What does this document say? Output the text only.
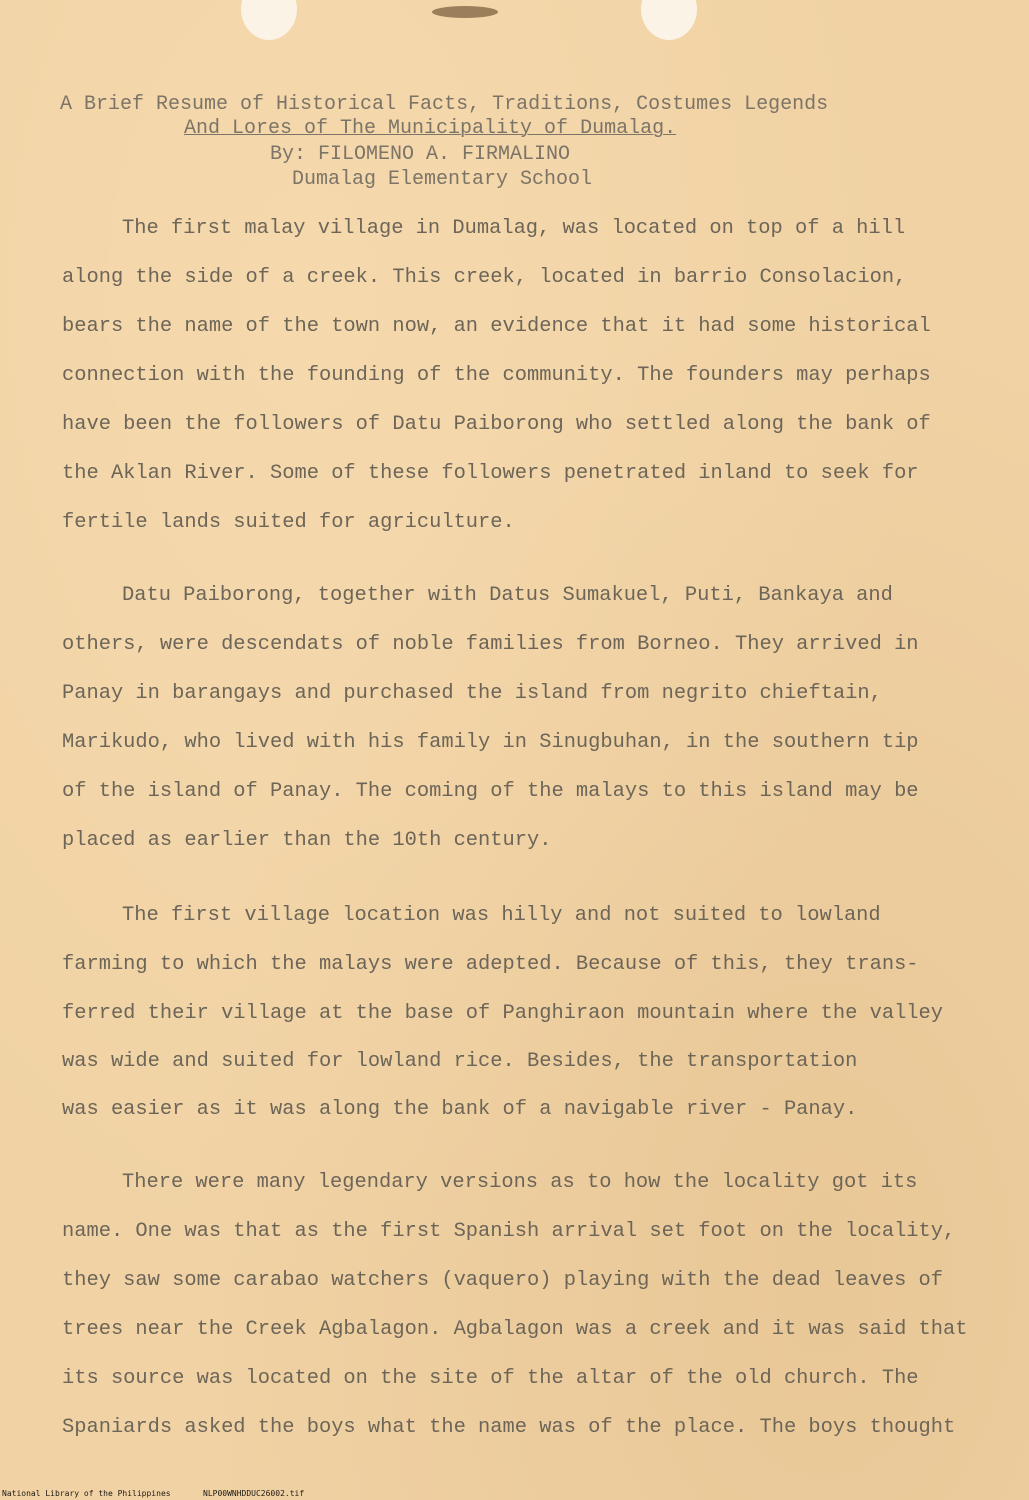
A Brief Resume of Historical Facts, Traditions, Costumes Legends
And Lores of The Municipality of Dumalag.
By: FILOMENO A. FIRMALINO
Dumalag Elementary School
The first malay village in Dumalag, was located on top of a hill
along the side of a creek. This creek, located in barrio Consolacion,
bears the name of the town now, an evidence that it had some historical
connection with the founding of the community. The founders may perhaps
have been the followers of Datu Paiborong who settled along the bank of
the Aklan River. Some of these followers penetrated inland to seek for
fertile lands suited for agriculture.
Datu Paiborong, together with Datus Sumakuel, Puti, Bankaya and
others, were descendats of noble families from Borneo. They arrived in
Panay in barangays and purchased the island from negrito chieftain,
Marikudo, who lived with his family in Sinugbuhan, in the southern tip
of the island of Panay. The coming of the malays to this island may be
placed as earlier than the 10th century.
The first village location was hilly and not suited to lowland
farming to which the malays were adepted. Because of this, they trans-
ferred their village at the base of Panghiraon mountain where the valley
was wide and suited for lowland rice. Besides, the transportation
was easier as it was along the bank of a navigable river - Panay.
There were many legendary versions as to how the locality got its
name. One was that as the first Spanish arrival set foot on the locality,
they saw some carabao watchers (vaquero) playing with the dead leaves of
trees near the Creek Agbalagon. Agbalagon was a creek and it was said that
its source was located on the site of the altar of the old church. The
Spaniards asked the boys what the name was of the place. The boys thought
National Library of the Philippines	NLP00WNHDDUC26002.tif
